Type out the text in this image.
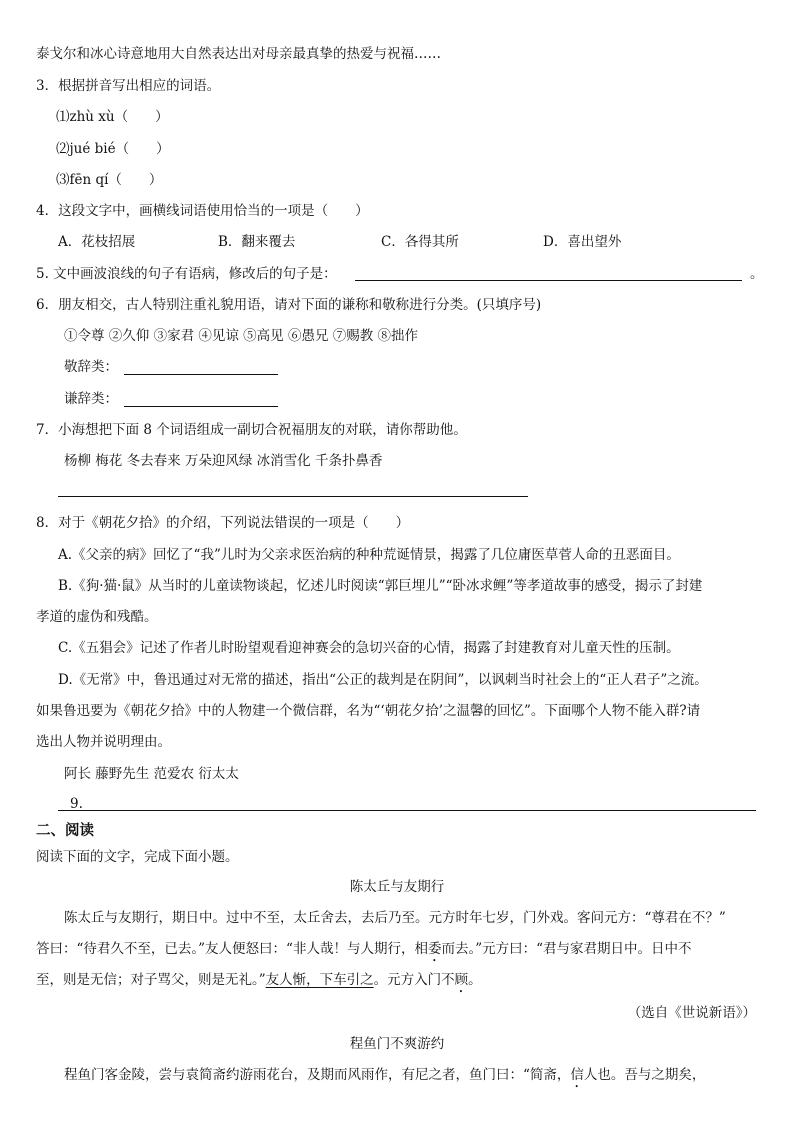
泰戈尔和冰心诗意地用大自然表达出对母亲最真挚的热爱与祝福……
3．根据拼音写出相应的词语。
⑴zhù xù（　　）
⑵jué bié（　　）
⑶fēn qí（　　）
4．这段文字中，画横线词语使用恰当的一项是（　　）
A．花枝招展	B．翻来覆去	C．各得其所	D．喜出望外
5. 文中画波浪线的句子有语病，修改后的句子是：	。
6．朋友相交，古人特别注重礼貌用语，请对下面的谦称和敬称进行分类。(只填序号)
①令尊 ②久仰 ③家君 ④见谅 ⑤高见 ⑥愚兄 ⑦赐教 ⑧拙作
敬辞类：
谦辞类：
7．小海想把下面 8 个词语组成一副切合祝福朋友的对联，请你帮助他。
杨柳 梅花 冬去春来 万朵迎风绿 冰消雪化 千条扑鼻香
8．对于《朝花夕拾》的介绍，下列说法错误的一项是（　　）
A.《父亲的病》回忆了“我”儿时为父亲求医治病的种种荒诞情景，揭露了几位庸医草菅人命的丑恶面目。
B.《狗·猫·鼠》从当时的儿童读物谈起，忆述儿时阅读“郭巨埋儿”“卧冰求鲤”等孝道故事的感受，揭示了封建
孝道的虚伪和残酷。
C.《五猖会》记述了作者儿时盼望观看迎神赛会的急切兴奋的心情，揭露了封建教育对儿童天性的压制。
D.《无常》中，鲁迅通过对无常的描述，指出“公正的裁判是在阴间”，以讽刺当时社会上的“正人君子”之流。
如果鲁迅要为《朝花夕拾》中的人物建一个微信群，名为“‘朝花夕拾’之温馨的回忆”。下面哪个人物不能入群?请
选出人物并说明理由。
阿长 藤野先生 范爱农 衍太太
9.
二、阅读
阅读下面的文字，完成下面小题。
陈太丘与友期行
陈太丘与友期行，期日中。过中不至，太丘舍去，去后乃至。元方时年七岁，门外戏。客问元方：“尊君在不？”
答曰：“待君久不至，已去。”友人便怒曰：“非人哉！与人期行，相委而去。”元方曰：“君与家君期日中。日中不
至，则是无信；对子骂父，则是无礼。”友人惭，下车引之。元方入门不顾。
（选自《世说新语》）
程鱼门不爽游约
程鱼门客金陵，尝与袁简斋约游雨花台，及期而风雨作，有尼之者，鱼门曰：“简斋，信人也。吾与之期矣，
